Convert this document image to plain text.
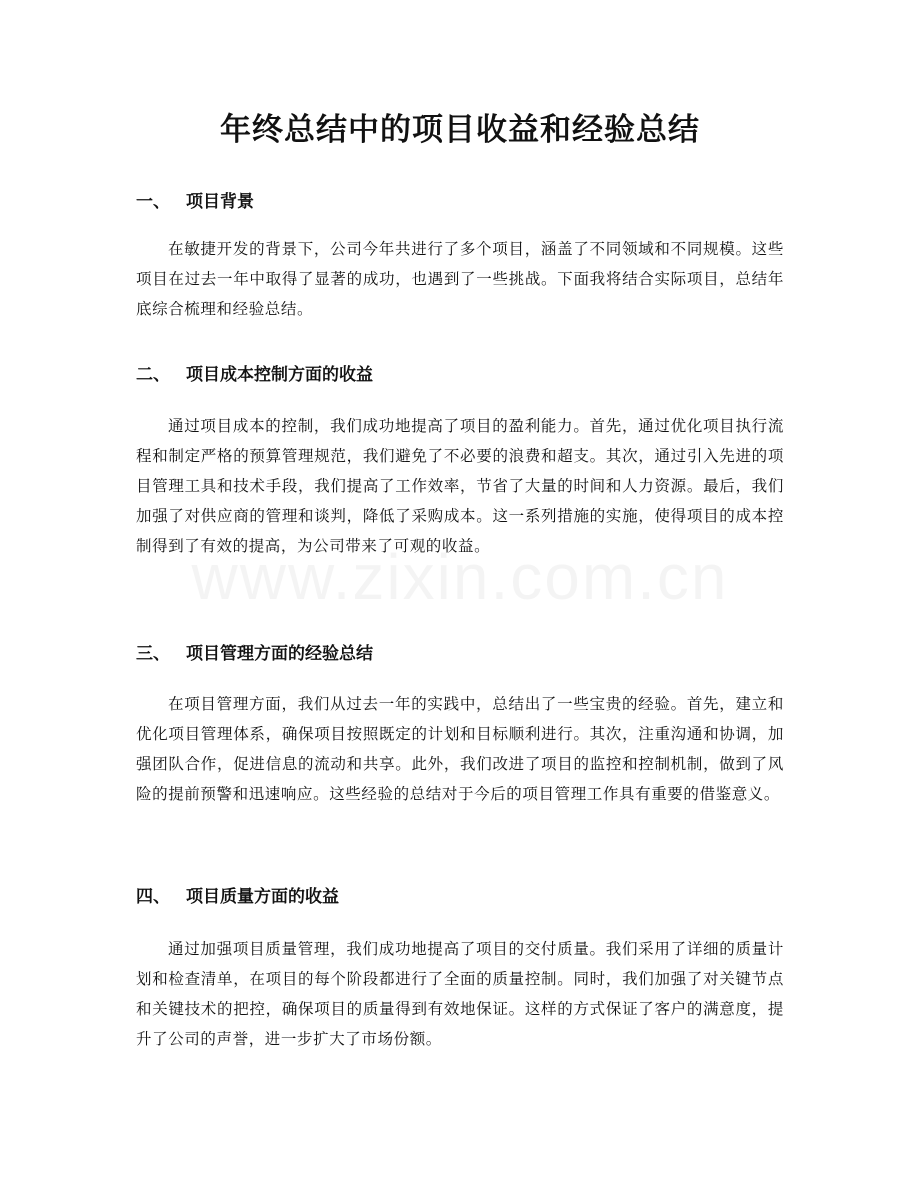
年终总结中的项目收益和经验总结
一、 项目背景

在敏捷开发的背景下，公司今年共进行了多个项目，涵盖了不同领域和不同规模。这些项目在过去一年中取得了显著的成功，也遇到了一些挑战。下面我将结合实际项目，总结年底综合梳理和经验总结。

二、 项目成本控制方面的收益

通过项目成本的控制，我们成功地提高了项目的盈利能力。首先，通过优化项目执行流程和制定严格的预算管理规范，我们避免了不必要的浪费和超支。其次，通过引入先进的项目管理工具和技术手段，我们提高了工作效率，节省了大量的时间和人力资源。最后，我们加强了对供应商的管理和谈判，降低了采购成本。这一系列措施的实施，使得项目的成本控制得到了有效的提高，为公司带来了可观的收益。

三、 项目管理方面的经验总结

在项目管理方面，我们从过去一年的实践中，总结出了一些宝贵的经验。首先，建立和优化项目管理体系，确保项目按照既定的计划和目标顺利进行。其次，注重沟通和协调，加强团队合作，促进信息的流动和共享。此外，我们改进了项目的监控和控制机制，做到了风险的提前预警和迅速响应。这些经验的总结对于今后的项目管理工作具有重要的借鉴意义。

四、 项目质量方面的收益

通过加强项目质量管理，我们成功地提高了项目的交付质量。我们采用了详细的质量计划和检查清单，在项目的每个阶段都进行了全面的质量控制。同时，我们加强了对关键节点和关键技术的把控，确保项目的质量得到有效地保证。这样的方式保证了客户的满意度，提升了公司的声誉，进一步扩大了市场份额。
